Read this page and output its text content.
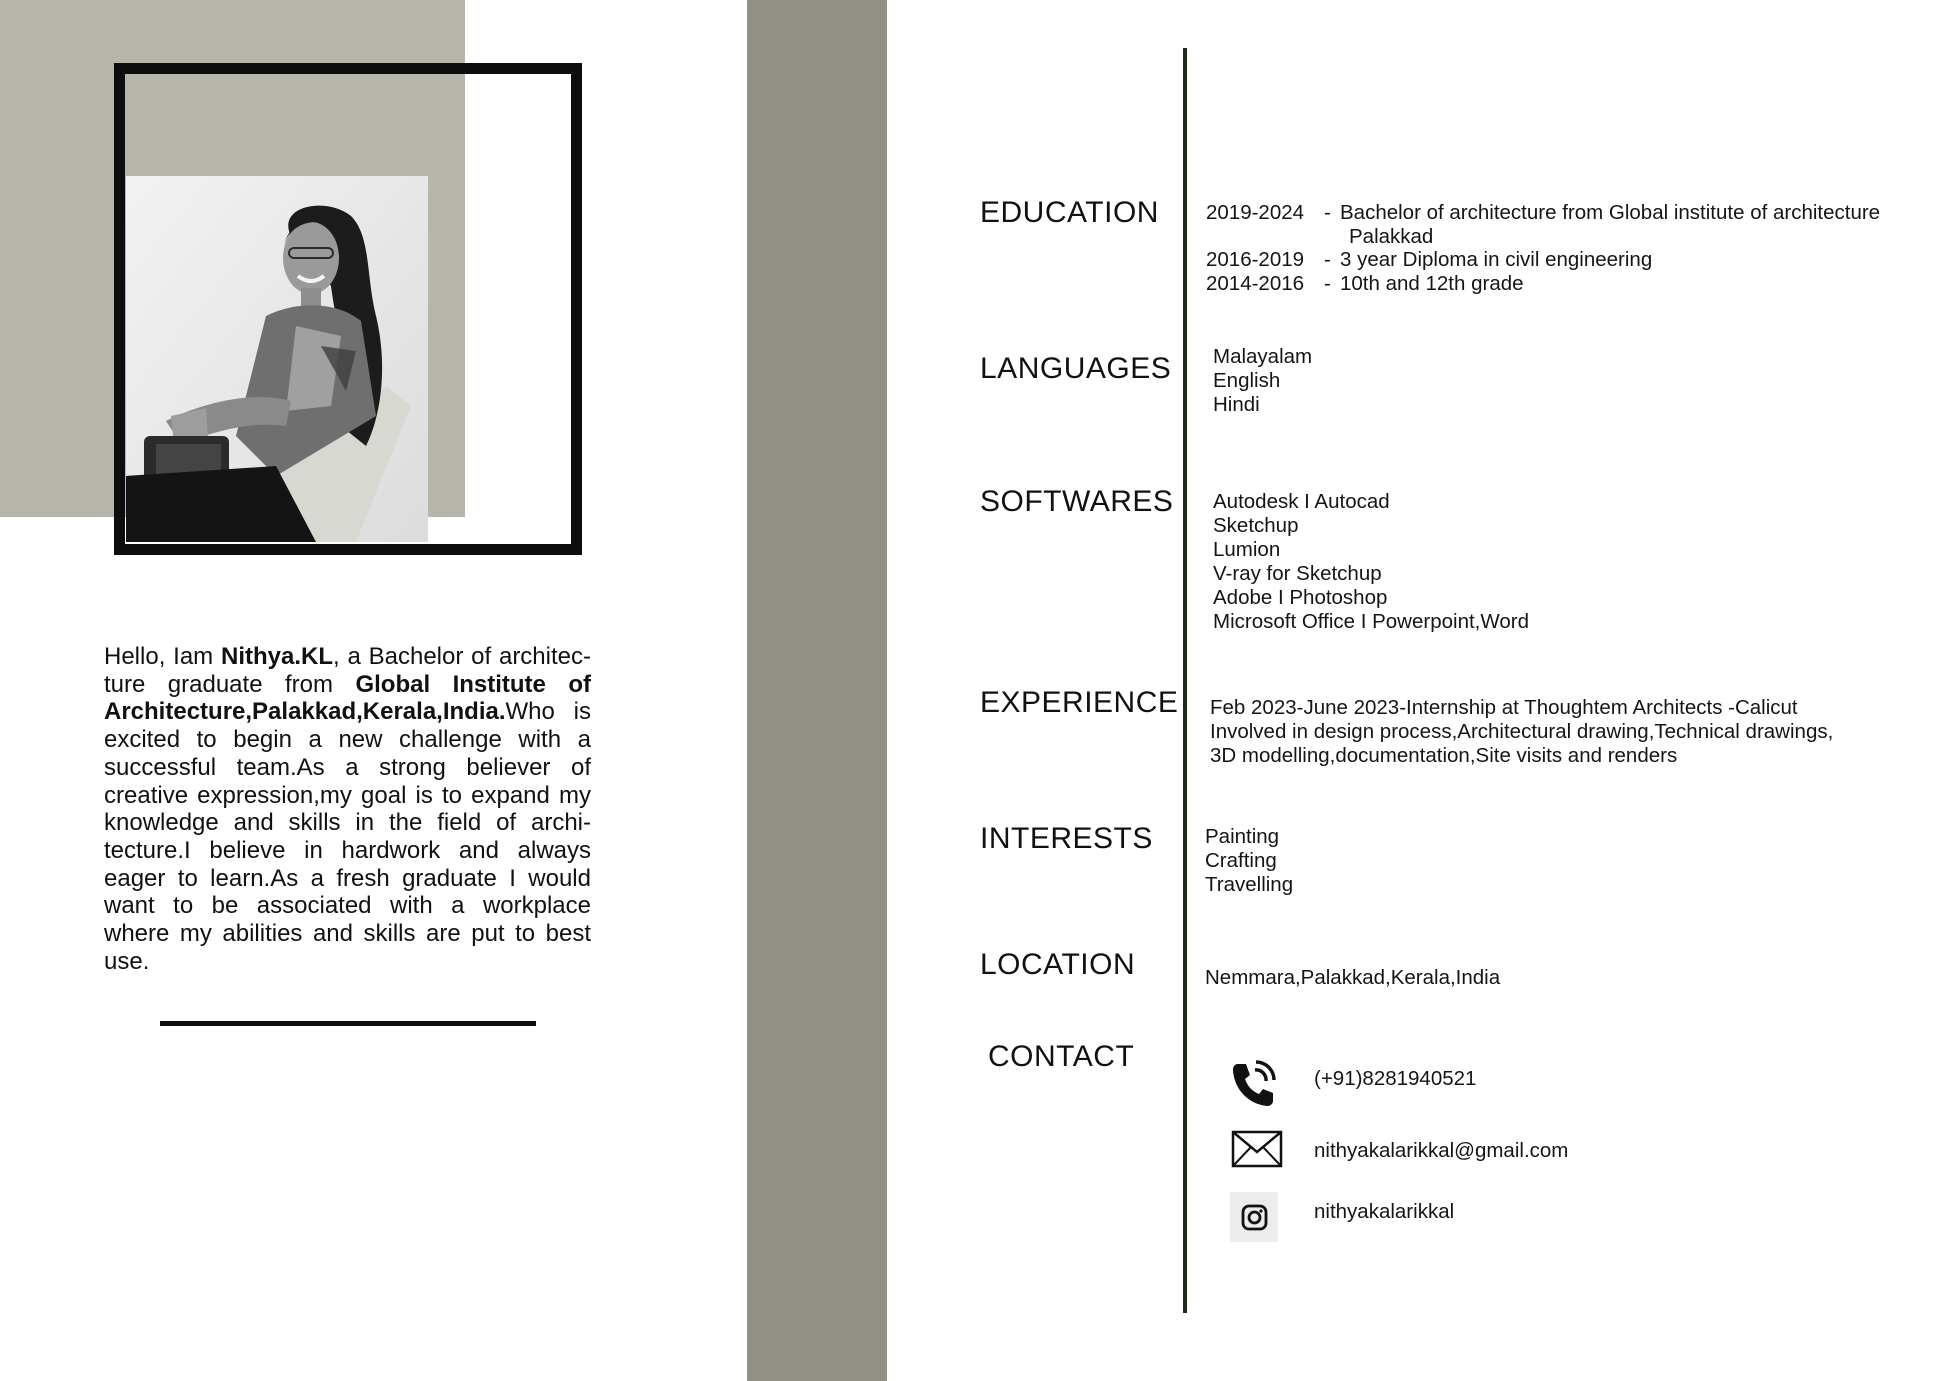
Hello, Iam Nithya.KL, a Bachelor of architecture graduate from Global Institute of Architecture,Palakkad,Kerala,India.Who is excited to begin a new challenge with a successful team.As a strong believer of creative expression,my goal is to expand my knowledge and skills in the field of architecture.I believe in hardwork and always eager to learn.As a fresh graduate I would want to be associated with a workplace where my abilities and skills are put to best use.

EDUCATION 2019-2024 - Bachelor of architecture from Global institute of architecture
Palakkad
2016-2019 - 3 year Diploma in civil engineering
2014-2016 - 10th and 12th grade
LANGUAGES Malayalam
English
Hindi
SOFTWARES Autodesk I Autocad
Sketchup
Lumion
V-ray for Sketchup
Adobe I Photoshop
Microsoft Office I Powerpoint,Word
EXPERIENCE Feb 2023-June 2023-Internship at Thoughtem Architects -Calicut
Involved in design process,Architectural drawing,Technical drawings,
3D modelling,documentation,Site visits and renders
INTERESTS	Painting
Crafting
Travelling
LOCATION	Nemmara,Palakkad,Kerala,India
CONTACT
(+91)8281940521
nithyakalarikkal@gmail.com
nithyakalarikkal
